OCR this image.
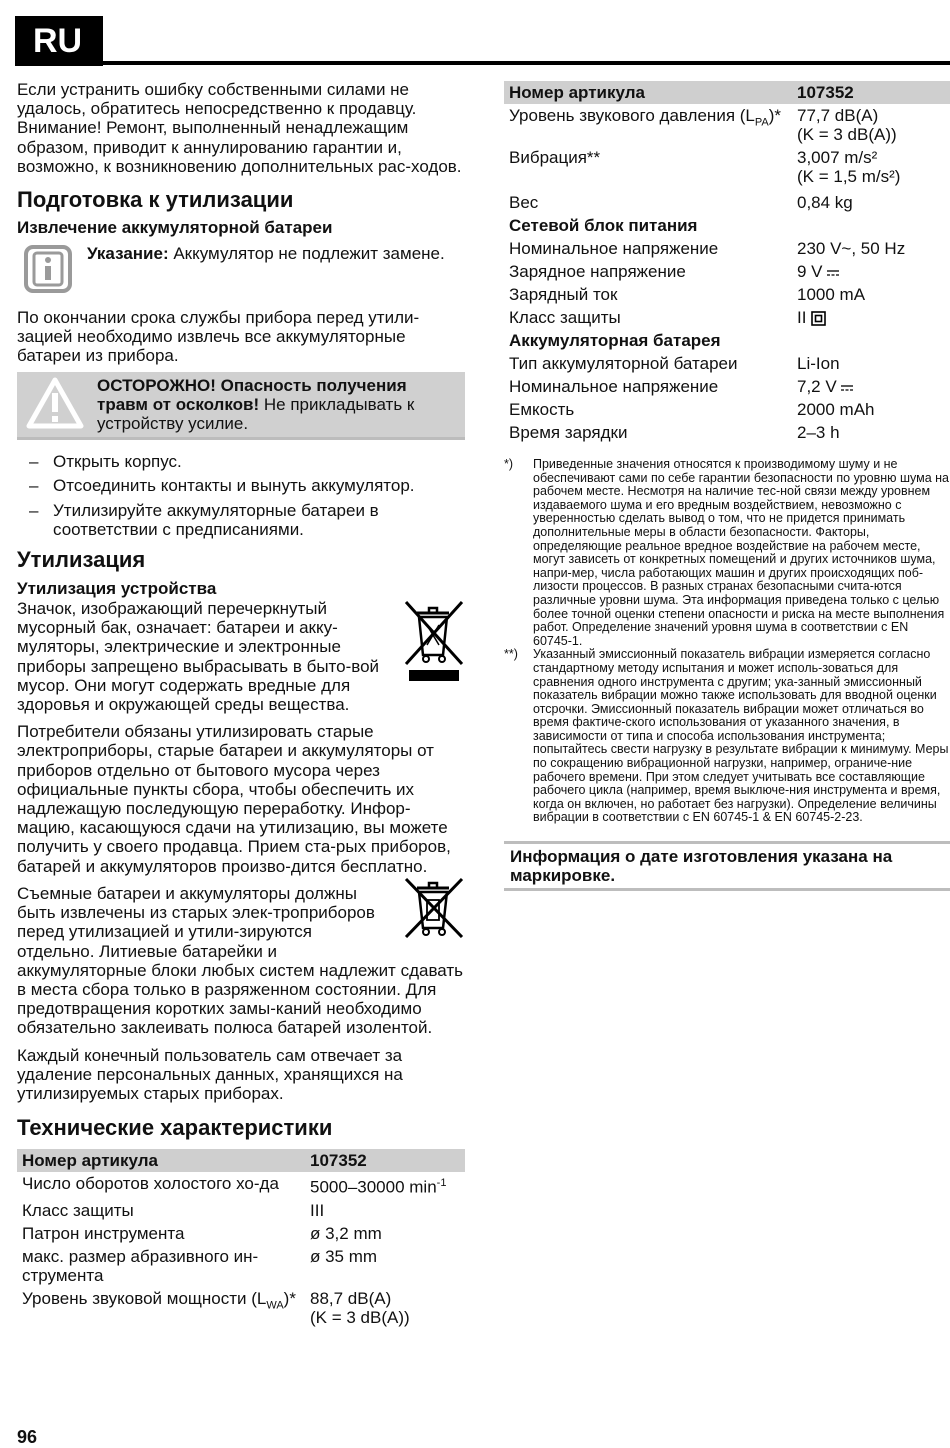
RU

Если устранить ошибку собственными силами не удалось, обратитесь непосредственно к продавцу. Внимание! Ремонт, выполненный ненадлежащим образом, приводит к аннулированию гарантии и, возможно, к возникновению дополнительных рас-ходов.

Подготовка к утилизации
Извлечение аккумуляторной батареи

Указание: Аккумулятор не подлежит замене.

По окончании срока службы прибора перед утили-зацией необходимо извлечь все аккумуляторные батареи из прибора.

ОСТОРОЖНО! Опасность получения травм от осколков! Не прикладывать к устройству усилие.

– Открыть корпус.
– Отсоединить контакты и вынуть аккумулятор.
– Утилизируйте аккумуляторные батареи в соответствии с предписаниями.
Утилизация
Утилизация устройства

Значок, изображающий перечеркнутый мусорный бак, означает: батареи и акку-муляторы, электрические и электронные приборы запрещено выбрасывать в быто-вой мусор. Они могут содержать вредные для здоровья и окружающей среды вещества.

Потребители обязаны утилизировать старые электроприборы, старые батареи и аккумуляторы от приборов отдельно от бытового мусора через официальные пункты сбора, чтобы обеспечить их надлежащую последующую переработку. Инфор-мацию, касающуюся сдачи на утилизацию, вы можете получить у своего продавца. Прием ста-рых приборов, батарей и аккумуляторов произво-дится бесплатно.

Съемные батареи и аккумуляторы должны быть извлечены из старых элек-троприборов перед утилизацией и утили-зируются отдельно. Литиевые батарейки и аккумуляторные блоки любых систем надлежит сдавать в места сбора только в разряженном состоянии. Для предотвращения коротких замы-каний необходимо обязательно заклеивать полюса батарей изолентой.

Каждый конечный пользователь сам отвечает за удаление персональных данных, хранящихся на утилизируемых старых приборах.

Технические характеристики
Номер артикула	107352
Число оборотов холостого хо-да	5000–30000 $\min^{-1}$
Класс защиты	III
Патрон инструмента	ø 3,2 mm
макс. размер абразивного ин-струмента	ø 35 mm
Уровень звуковой мощности $(L_{WA})*$	88,7 dB(A)
(K = 3 dB(A))
Номер артикула	107352
Уровень звукового давления $(L_{PA})*$	77,7 dB(A)
(K = 3 dB(A))
Вибрация**	3,007 m/s²
(K = 1,5 m/s²)
Вес	0,84 kg
Сетевой блок питания	
Номинальное напряжение	230 V~, 50 Hz
Зарядное напряжение	9 V
Зарядный ток	1000 mA
Класс защиты	II
Аккумуляторная батарея	
Тип аккумуляторной батареи	Li-Ion
Номинальное напряжение	7,2 V
Емкость	2000 mAh
Время зарядки	2–3 h
*)	Приведенные значения относятся к производимому шуму и не обеспечивают сами по себе гарантии безопасности по уровню шума на рабочем месте. Несмотря на наличие тес-ной связи между уровнем издаваемого шума и его вредным воздействием, невозможно с уверенностью сделать вывод о том, что не придется принимать дополнительные меры в области безопасности. Факторы, определяющие реальное вредное воздействие на рабочем месте, могут зависеть от конкретных помещений и других источников шума, напри-мер, числа работающих машин и других происходящих поб-лизости процессов. В разных странах безопасными счита-ются различные уровни шума. Эта информация приведена только с целью более точной оценки степени опасности и риска на месте выполнения работ. Определение значений уровня шума в соответствии с EN 60745-1.
**)	Указанный эмиссионный показатель вибрации измеряется согласно стандартному методу испытания и может исполь-зоваться для сравнения одного инструмента с другим; ука-занный эмиссионный показатель вибрации можно также использовать для вводной оценки отсрочки. Эмиссионный показатель вибрации может отличаться во время фактиче-ского использования от указанного значения, в зависимости от типа и способа использования инструмента; попытайтесь свести нагрузку в результате вибрации к минимуму. Меры по сокращению вибрационной нагрузки, например, ограниче-ние рабочего времени. При этом следует учитывать все составляющие рабочего цикла (например, время выключе-ния инструмента и время, когда он включен, но работает без нагрузки). Определение величины вибрации в соответствии с EN 60745-1 & EN 60745-2-23.
Информация о дате изготовления указана на маркировке.
96
